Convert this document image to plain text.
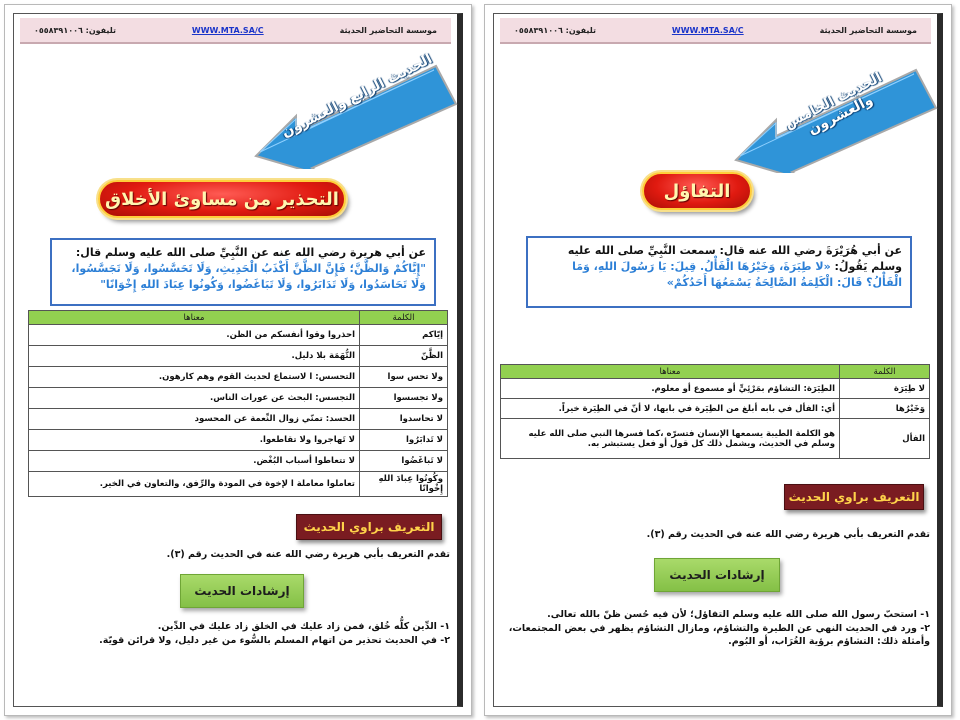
موسسة التحاضير الحديثة
WWW.MTA.SA/C
تليفون: ٠٥٥٨٣٩١٠٠٦
الحديث الخامس والعشرون
التفاؤل
عن أبي هُرَيْرَةَ رضي الله عنه قال: سمعت النَّبِيِّ صلى الله عليه وسلم يَقُولُ: «لا طِيَرَةَ، وَخَيْرُهَا الْفَأْلُ. قِيلَ: يَا رَسُولَ اللهِ، وَمَا الْفَأْلُ؟ قَالَ: الْكَلِمَةُ الصَّالِحَةُ يَسْمَعُهَا أَحَدُكُمْ»
الكلمة	معناها
لا طِيَرَة	الطِيَرَة: التشاؤم بمَرْئِيٍّ أو مسموع أو معلوم.
وَخَيْرُها	أي: الفأل في بابه أبلغ من الطِيَرة في بابها، لا أنّ في الطِيَرة خيراً.
الفأل	هو الكلمة الطيبة يسمعها الإنسان فتسرّه ،كما فسرها النبي صلى الله عليه وسلم في الحديث، ويشمل ذلك كل قول أو فعل يستبشر به.
التعريف براوي الحديث
تقدم التعريف بأبي هريرة رضي الله عنه في الحديث رقم (٣).
إرشادات الحديث
١- استحبّ رسول الله صلى الله عليه وسلم التفاؤل؛ لأن فيه حُسن ظنّ بالله تعالى.
٢- ورد في الحديث النهي عن الطيرة والتشاؤم، ومازال التشاؤم يظهر في بعض المجتمعات، وأمثلة ذلك: التشاؤم برؤية الغُرَاب، أو البُوم.
موسسة التحاضير الحديثة
WWW.MTA.SA/C
تليفون: ٠٥٥٨٣٩١٠٠٦
الحديث الرابع والعشرون
التحذير من مساوئ الأخلاق
عن أبي هريرة رضي الله عنه عن النَّبِيِّ صلى الله عليه وسلم قال: "إِيَّاكُمْ وَالظَّنَّ؛ فَإِنَّ الظَّنَّ أَكْذَبُ الْحَدِيثِ، وَلَا تَحَسَّسُوا، وَلَا تَجَسَّسُوا، وَلَا تَحَاسَدُوا، وَلَا تَدَابَرُوا، وَلَا تَبَاغَضُوا، وَكُونُوا عِبَادَ اللهِ إِخْوَانًا"
الكلمة	معناها
إيّاكم	احذروا وقوا أنفسكم من الظن.
الظَّنّ	التُّهَمَة بلا دليل.
ولا تحس سوا	التحسس: ا لاستماع لحديث القوم وهم كارهون.
ولا تجسسوا	التجسس: البحث عن عورات الناس.
لا تحاسدوا	الحسد: تمنّي زوال النِّعمة عن المحسود
لا تَدابَرُوا	لا تَهاجروا ولا تقاطعوا.
لا تَباغَضُوا	لا تتعاطوا أسباب البُغْض.
وكُونُوا عِبادَ اللهِ إِخْوانًا	تعاملوا معاملة ا لإخوة في المودة والرِّفق، والتعاون في الخير.
التعريف براوي الحديث
تقدم التعريف بأبي هريرة رضي الله عنه في الحديث رقم (٣).
إرشادات الحديث
١- الدِّين كلُّه خُلق، فمن زاد عليك في الخلق زاد عليك في الدِّين.
٢- في الحديث تحذير من اتهام المسلم بالسُّوء من غير دليل، ولا قرائن قويّة.
